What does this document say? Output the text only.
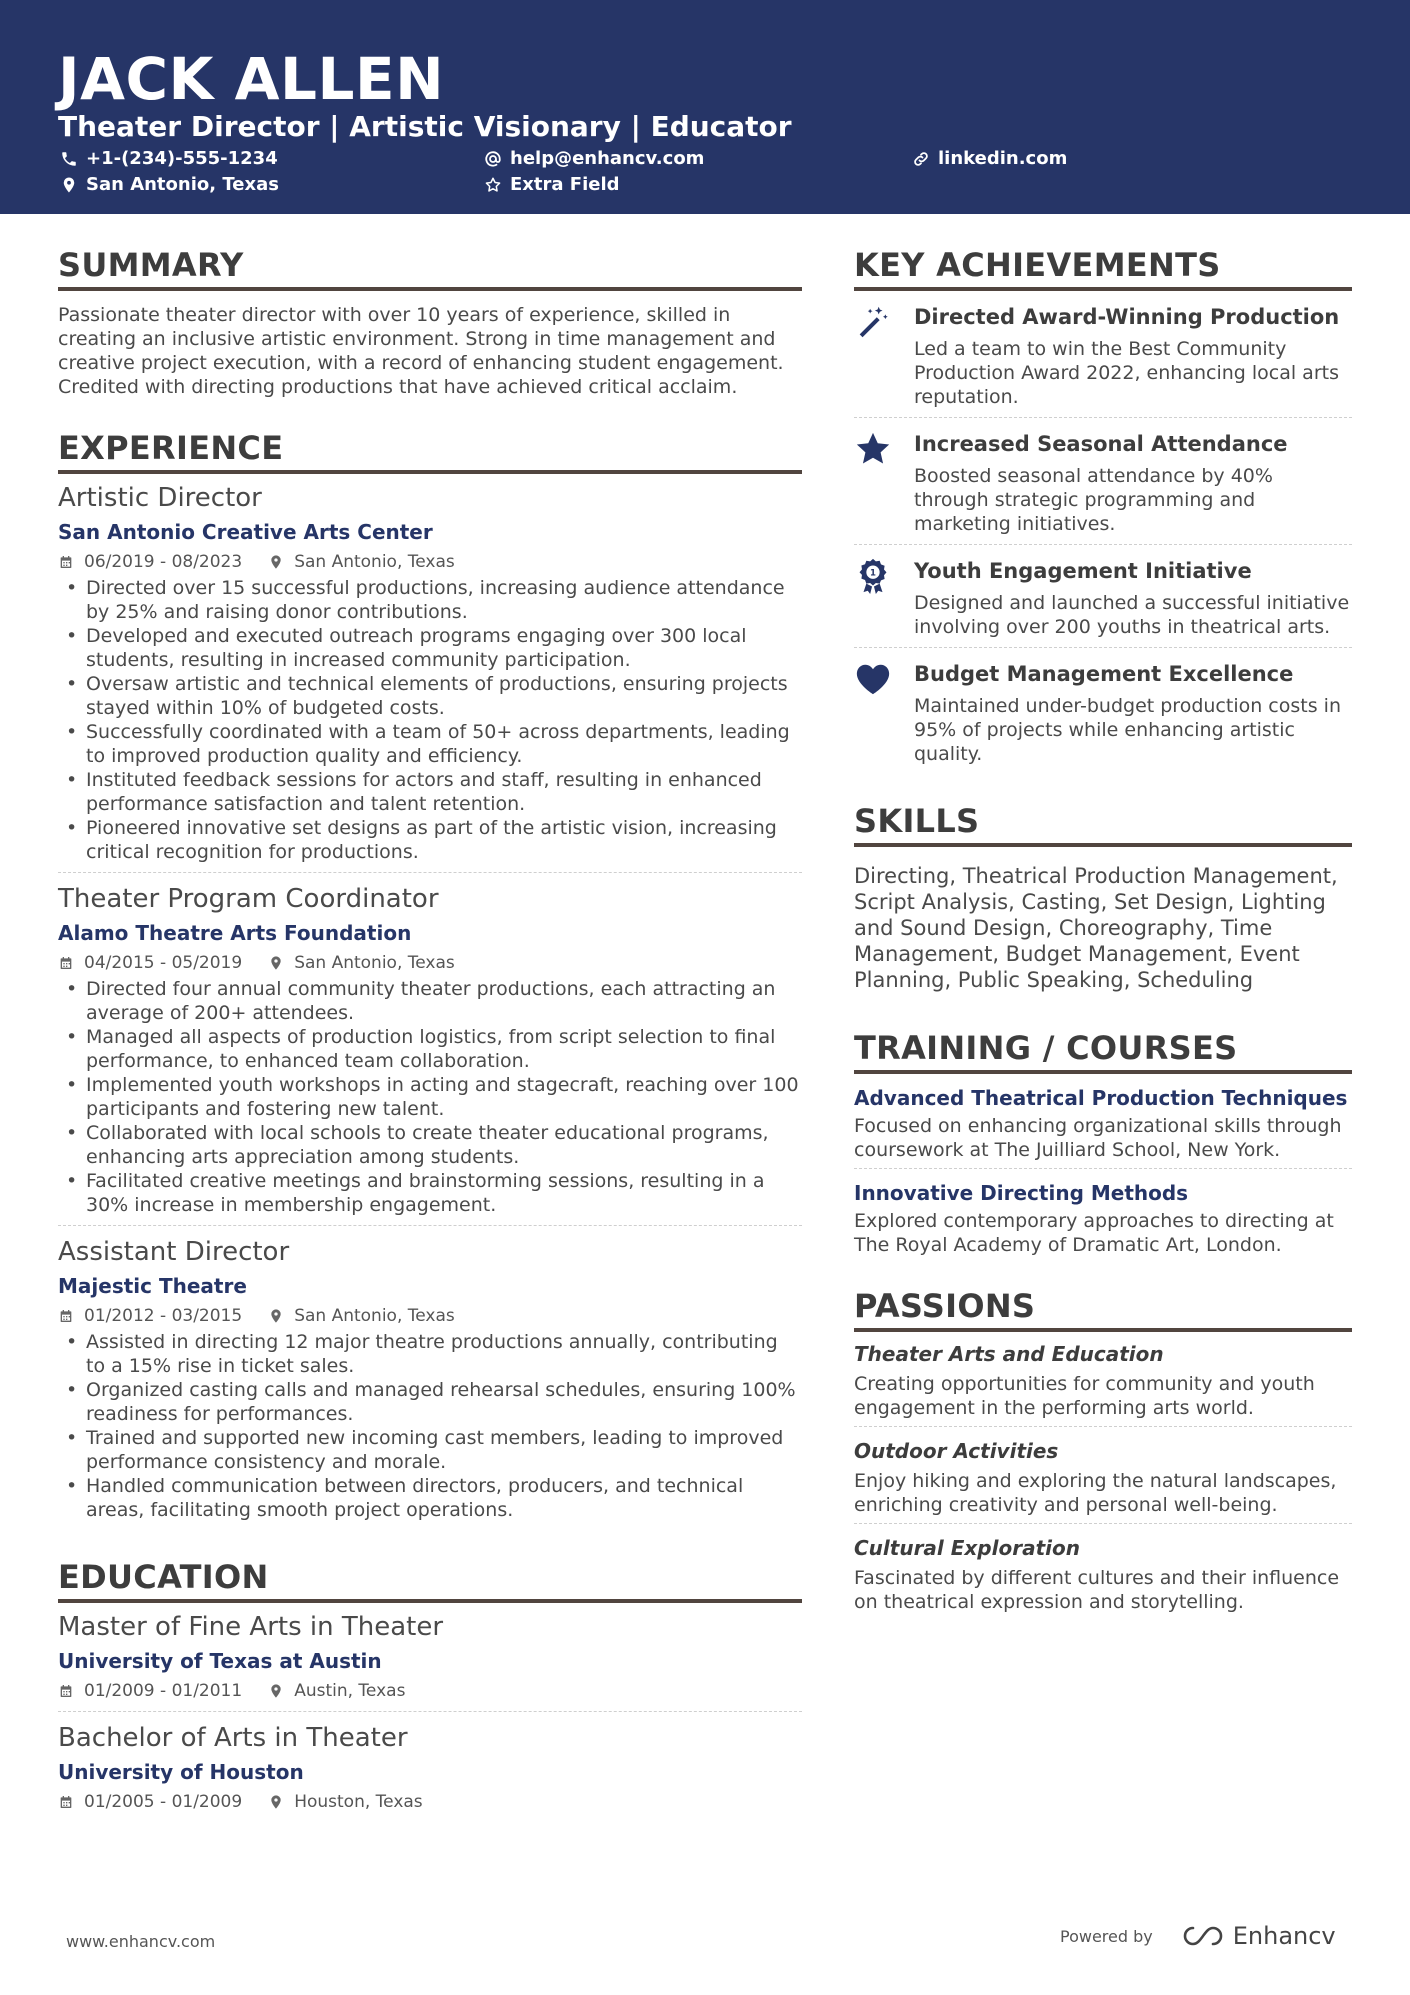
JACK ALLEN
Theater Director | Artistic Visionary | Educator
+1-(234)-555-1234	help@enhancv.com	linkedin.com
San Antonio, Texas	Extra Field
SUMMARY
Passionate theater director with over 10 years of experience, skilled in creating an inclusive artistic environment. Strong in time management and creative project execution, with a record of enhancing student engagement. Credited with directing productions that have achieved critical acclaim.
EXPERIENCE
Artistic Director
San Antonio Creative Arts Center
06/2019 - 08/2023	San Antonio, Texas
• Directed over 15 successful productions, increasing audience attendance by 25% and raising donor contributions.
• Developed and executed outreach programs engaging over 300 local students, resulting in increased community participation.
• Oversaw artistic and technical elements of productions, ensuring projects stayed within 10% of budgeted costs.
• Successfully coordinated with a team of 50+ across departments, leading to improved production quality and efficiency.
• Instituted feedback sessions for actors and staff, resulting in enhanced performance satisfaction and talent retention.
• Pioneered innovative set designs as part of the artistic vision, increasing critical recognition for productions.
Theater Program Coordinator
Alamo Theatre Arts Foundation
04/2015 - 05/2019	San Antonio, Texas
• Directed four annual community theater productions, each attracting an average of 200+ attendees.
• Managed all aspects of production logistics, from script selection to final performance, to enhanced team collaboration.
• Implemented youth workshops in acting and stagecraft, reaching over 100 participants and fostering new talent.
• Collaborated with local schools to create theater educational programs, enhancing arts appreciation among students.
• Facilitated creative meetings and brainstorming sessions, resulting in a 30% increase in membership engagement.
Assistant Director
Majestic Theatre
01/2012 - 03/2015	San Antonio, Texas
• Assisted in directing 12 major theatre productions annually, contributing to a 15% rise in ticket sales.
• Organized casting calls and managed rehearsal schedules, ensuring 100% readiness for performances.
• Trained and supported new incoming cast members, leading to improved performance consistency and morale.
• Handled communication between directors, producers, and technical areas, facilitating smooth project operations.
EDUCATION
Master of Fine Arts in Theater
University of Texas at Austin
01/2009 - 01/2011	Austin, Texas
Bachelor of Arts in Theater
University of Houston
01/2005 - 01/2009	Houston, Texas
KEY ACHIEVEMENTS
Directed Award-Winning Production
Led a team to win the Best Community Production Award 2022, enhancing local arts reputation.
Increased Seasonal Attendance
Boosted seasonal attendance by 40% through strategic programming and marketing initiatives.
1 Youth Engagement Initiative
Designed and launched a successful initiative involving over 200 youths in theatrical arts.
Budget Management Excellence
Maintained under-budget production costs in 95% of projects while enhancing artistic quality.
SKILLS
Directing, Theatrical Production Management, Script Analysis, Casting, Set Design, Lighting and Sound Design, Choreography, Time Management, Budget Management, Event Planning, Public Speaking, Scheduling
TRAINING / COURSES
Advanced Theatrical Production Techniques
Focused on enhancing organizational skills through coursework at The Juilliard School, New York.
Innovative Directing Methods
Explored contemporary approaches to directing at The Royal Academy of Dramatic Art, London.
PASSIONS
Theater Arts and Education
Creating opportunities for community and youth engagement in the performing arts world.
Outdoor Activities
Enjoy hiking and exploring the natural landscapes, enriching creativity and personal well-being.
Cultural Exploration
Fascinated by different cultures and their influence on theatrical expression and storytelling.
www.enhancv.com	Powered by	Enhancv
